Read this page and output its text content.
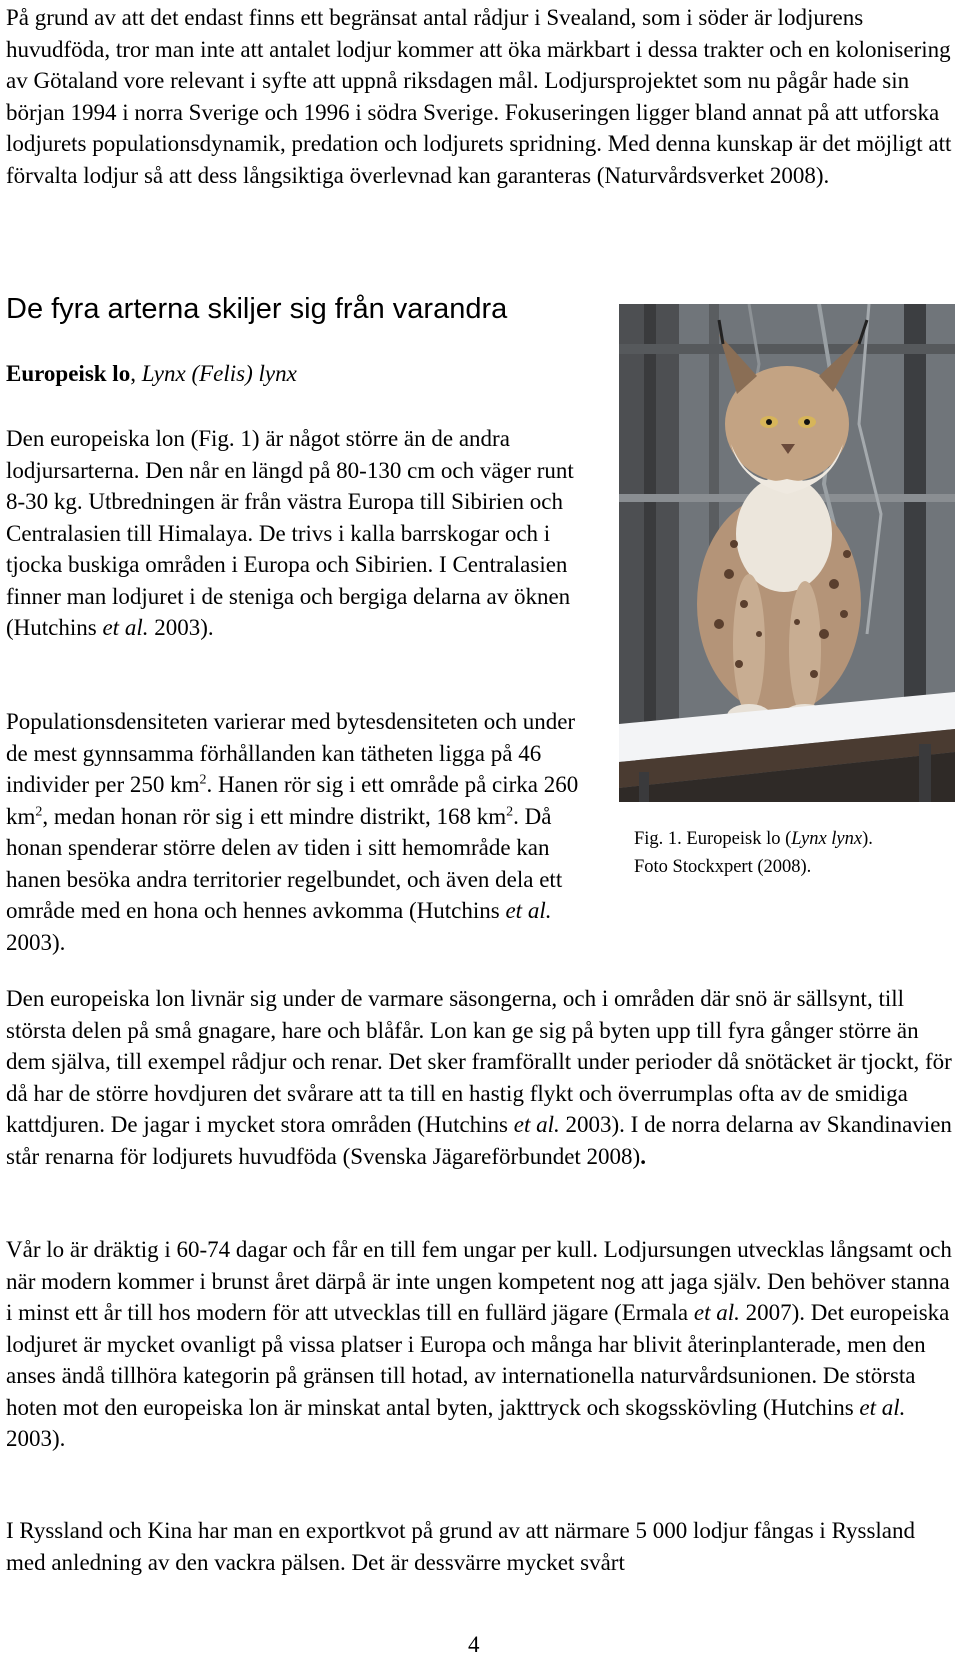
På grund av att det endast finns ett begränsat antal rådjur i Svealand, som i söder är lodjurens huvudföda, tror man inte att antalet lodjur kommer att öka märkbart i dessa trakter och en kolonisering av Götaland vore relevant i syfte att uppnå riksdagen mål. Lodjursprojektet som nu pågår hade sin början 1994 i norra Sverige och 1996 i södra Sverige. Fokuseringen ligger bland annat på att utforska lodjurets populationsdynamik, predation och lodjurets spridning. Med denna kunskap är det möjligt att förvalta lodjur så att dess långsiktiga överlevnad kan garanteras (Naturvårdsverket 2008).

De fyra arterna skiljer sig från varandra
Europeisk lo, Lynx (Felis) lynx

Den europeiska lon (Fig. 1) är något större än de andra lodjursarterna. Den når en längd på 80-130 cm och väger runt 8-30 kg. Utbredningen är från västra Europa till Sibirien och Centralasien till Himalaya. De trivs i kalla barrskogar och i tjocka buskiga områden i Europa och Sibirien. I Centralasien finner man lodjuret i de steniga och bergiga delarna av öknen (Hutchins et al. 2003).

Fig. 1. Europeisk lo (Lynx lynx).
Foto Stockxpert (2008).

Populationsdensiteten varierar med bytesdensiteten och under de mest gynnsamma förhållanden kan tätheten ligga på 46 individer per 250 $km^2$. Hanen rör sig i ett område på cirka 260 $km^2$, medan honan rör sig i ett mindre distrikt, 168 $km^2$. Då honan spenderar större delen av tiden i sitt hemområde kan hanen besöka andra territorier regelbundet, och även dela ett område med en hona och hennes avkomma (Hutchins et al. 2003).

Den europeiska lon livnär sig under de varmare säsongerna, och i områden där snö är sällsynt, till största delen på små gnagare, hare och blåfår. Lon kan ge sig på byten upp till fyra gånger större än dem själva, till exempel rådjur och renar. Det sker framförallt under perioder då snötäcket är tjockt, för då har de större hovdjuren det svårare att ta till en hastig flykt och överrumplas ofta av de smidiga kattdjuren. De jagar i mycket stora områden (Hutchins et al. 2003). I de norra delarna av Skandinavien står renarna för lodjurets huvudföda (Svenska Jägareförbundet 2008).

Vår lo är dräktig i 60-74 dagar och får en till fem ungar per kull. Lodjursungen utvecklas långsamt och när modern kommer i brunst året därpå är inte ungen kompetent nog att jaga själv. Den behöver stanna i minst ett år till hos modern för att utvecklas till en fullärd jägare (Ermala et al. 2007). Det europeiska lodjuret är mycket ovanligt på vissa platser i Europa och många har blivit återinplanterade, men den anses ändå tillhöra kategorin på gränsen till hotad, av internationella naturvårdsunionen. De största hoten mot den europeiska lon är minskat antal byten, jakttryck och skogsskövling (Hutchins et al. 2003).

I Ryssland och Kina har man en exportkvot på grund av att närmare 5 000 lodjur fångas i Ryssland med anledning av den vackra pälsen. Det är dessvärre mycket svårt

4
